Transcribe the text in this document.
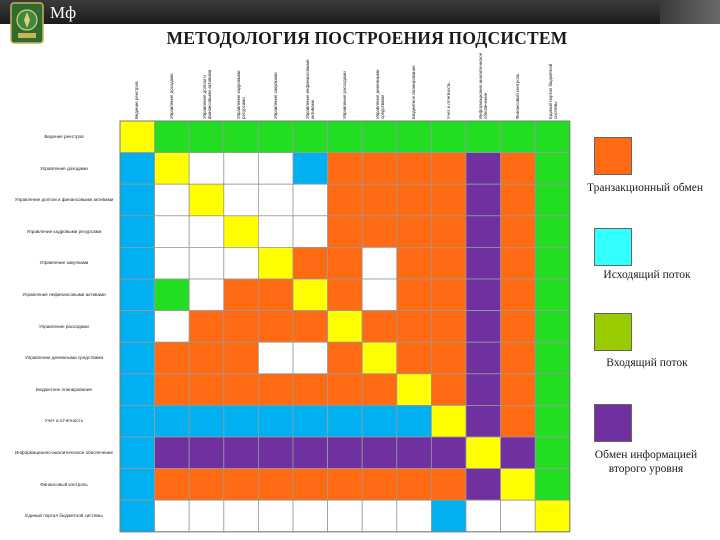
Мф
МЕТОДОЛОГИЯ ПОСТРОЕНИЯ ПОДСИСТЕМ
Ведение реестров	Управление доходами	Управление долгом и финансовыми активами	Управление кадровыми ресурсами	Управление закупками	Управление нефинансовыми активами	Управление расходами	Управление денежными средствами	Бюджетное планирование	Учет и отчетность	Информационно-аналитическое обеспечение	Финансовый контроль	Единый портал бюджетной системы
Ведение реестров
Управление доходами
Управление долгом и финансовыми активами
Управление кадровыми ресурсами
Управление закупками
Управление нефинансовыми активами
Управление расходами
Управление денежными средствами
Бюджетное планирование
Учет и отчетность
Информационно-аналитическое обеспечение
Финансовый контроль
Единый портал бюджетной системы
Транзакционный обмен
Исходящий поток
Входящий поток
Обмен информацией второго уровня
